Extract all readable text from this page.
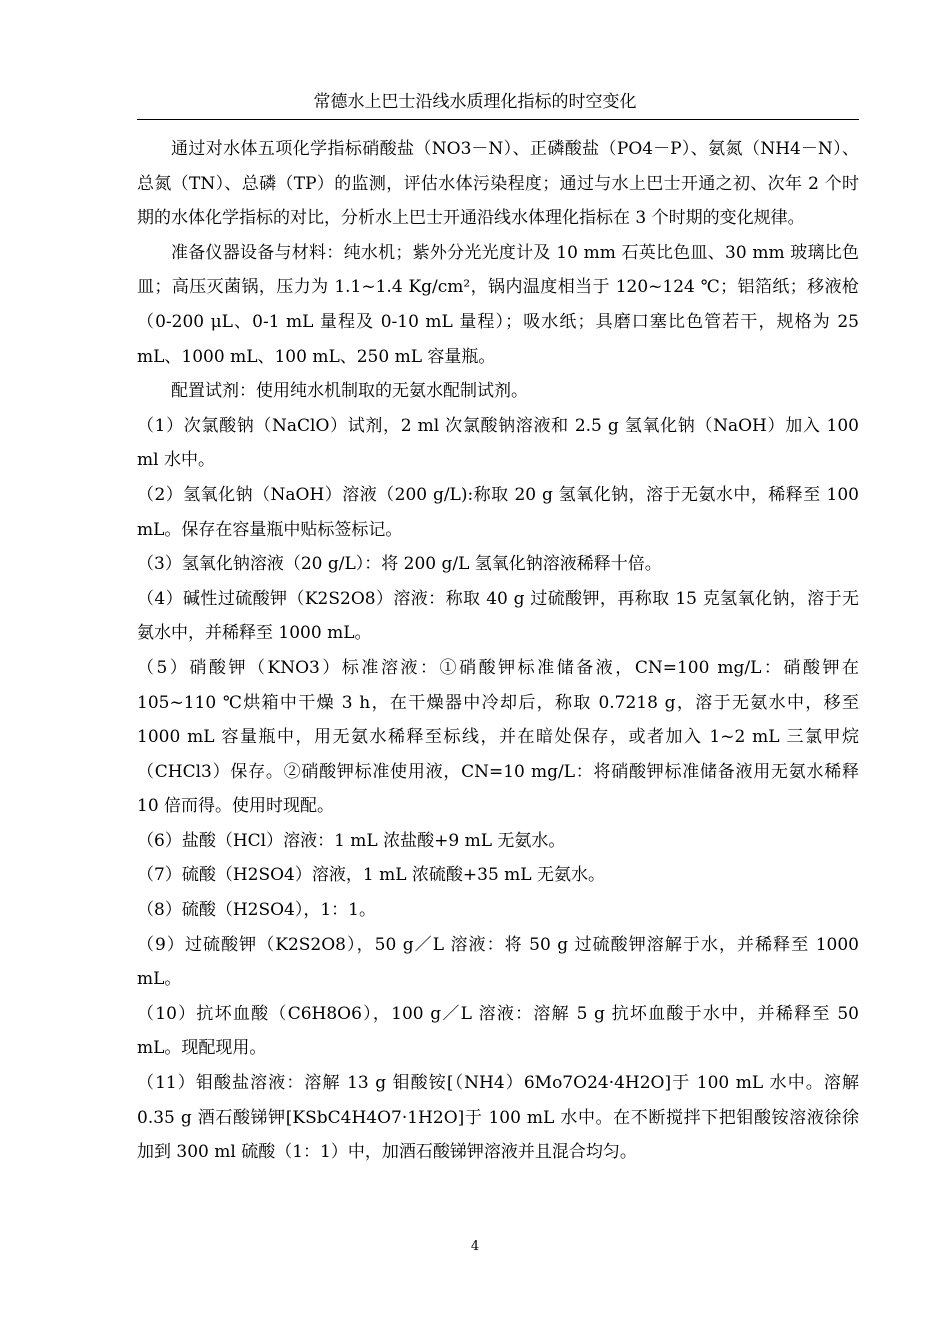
常德水上巴士沿线水质理化指标的时空变化

通过对水体五项化学指标硝酸盐（NO3－N）、正磷酸盐（PO4－P）、氨氮（NH4－N）、总氮（TN）、总磷（TP）的监测，评估水体污染程度；通过与水上巴士开通之初、次年 2 个时期的水体化学指标的对比，分析水上巴士开通沿线水体理化指标在 3 个时期的变化规律。

准备仪器设备与材料：纯水机；紫外分光光度计及 10 mm 石英比色皿、30 mm 玻璃比色皿；高压灭菌锅，压力为 1.1~1.4 Kg/cm²，锅内温度相当于 120~124 ℃；铝箔纸；移液枪（0-200 μL、0-1 mL 量程及 0-10 mL 量程）；吸水纸；具磨口塞比色管若干，规格为 25 mL、1000 mL、100 mL、250 mL 容量瓶。

配置试剂：使用纯水机制取的无氨水配制试剂。

（1）次氯酸钠（NaClO）试剂，2 ml 次氯酸钠溶液和 2.5 g 氢氧化钠（NaOH）加入 100 ml 水中。

（2）氢氧化钠（NaOH）溶液（200 g/L):称取 20 g 氢氧化钠，溶于无氨水中，稀释至 100 mL。保存在容量瓶中贴标签标记。

（3）氢氧化钠溶液（20 g/L）：将 200 g/L 氢氧化钠溶液稀释十倍。

（4）碱性过硫酸钾（K2S2O8）溶液：称取 40 g 过硫酸钾，再称取 15 克氢氧化钠，溶于无氨水中，并稀释至 1000 mL。

（5）硝酸钾（KNO3）标准溶液：①硝酸钾标准储备液，CN=100 mg/L：硝酸钾在 105~110 ℃烘箱中干燥 3 h，在干燥器中冷却后，称取 0.7218 g，溶于无氨水中，移至 1000 mL 容量瓶中，用无氨水稀释至标线，并在暗处保存，或者加入 1~2 mL 三氯甲烷（CHCl3）保存。②硝酸钾标准使用液，CN=10 mg/L：将硝酸钾标准储备液用无氨水稀释 10 倍而得。使用时现配。

（6）盐酸（HCl）溶液：1 mL 浓盐酸+9 mL 无氨水。

（7）硫酸（H2SO4）溶液，1 mL 浓硫酸+35 mL 无氨水。

（8）硫酸（H2SO4），1：1。

（9）过硫酸钾（K2S2O8），50 g／L 溶液：将 50 g 过硫酸钾溶解于水，并稀释至 1000 mL。

（10）抗坏血酸（C6H8O6），100 g／L 溶液：溶解 5 g 抗坏血酸于水中，并稀释至 50 mL。现配现用。

（11）钼酸盐溶液：溶解 13 g 钼酸铵[（NH4）6Mo7O24·4H2O]于 100 mL 水中。溶解 0.35 g 酒石酸锑钾[KSbC4H4O7·1H2O]于 100 mL 水中。在不断搅拌下把钼酸铵溶液徐徐加到 300 ml 硫酸（1：1）中，加酒石酸锑钾溶液并且混合均匀。

4
